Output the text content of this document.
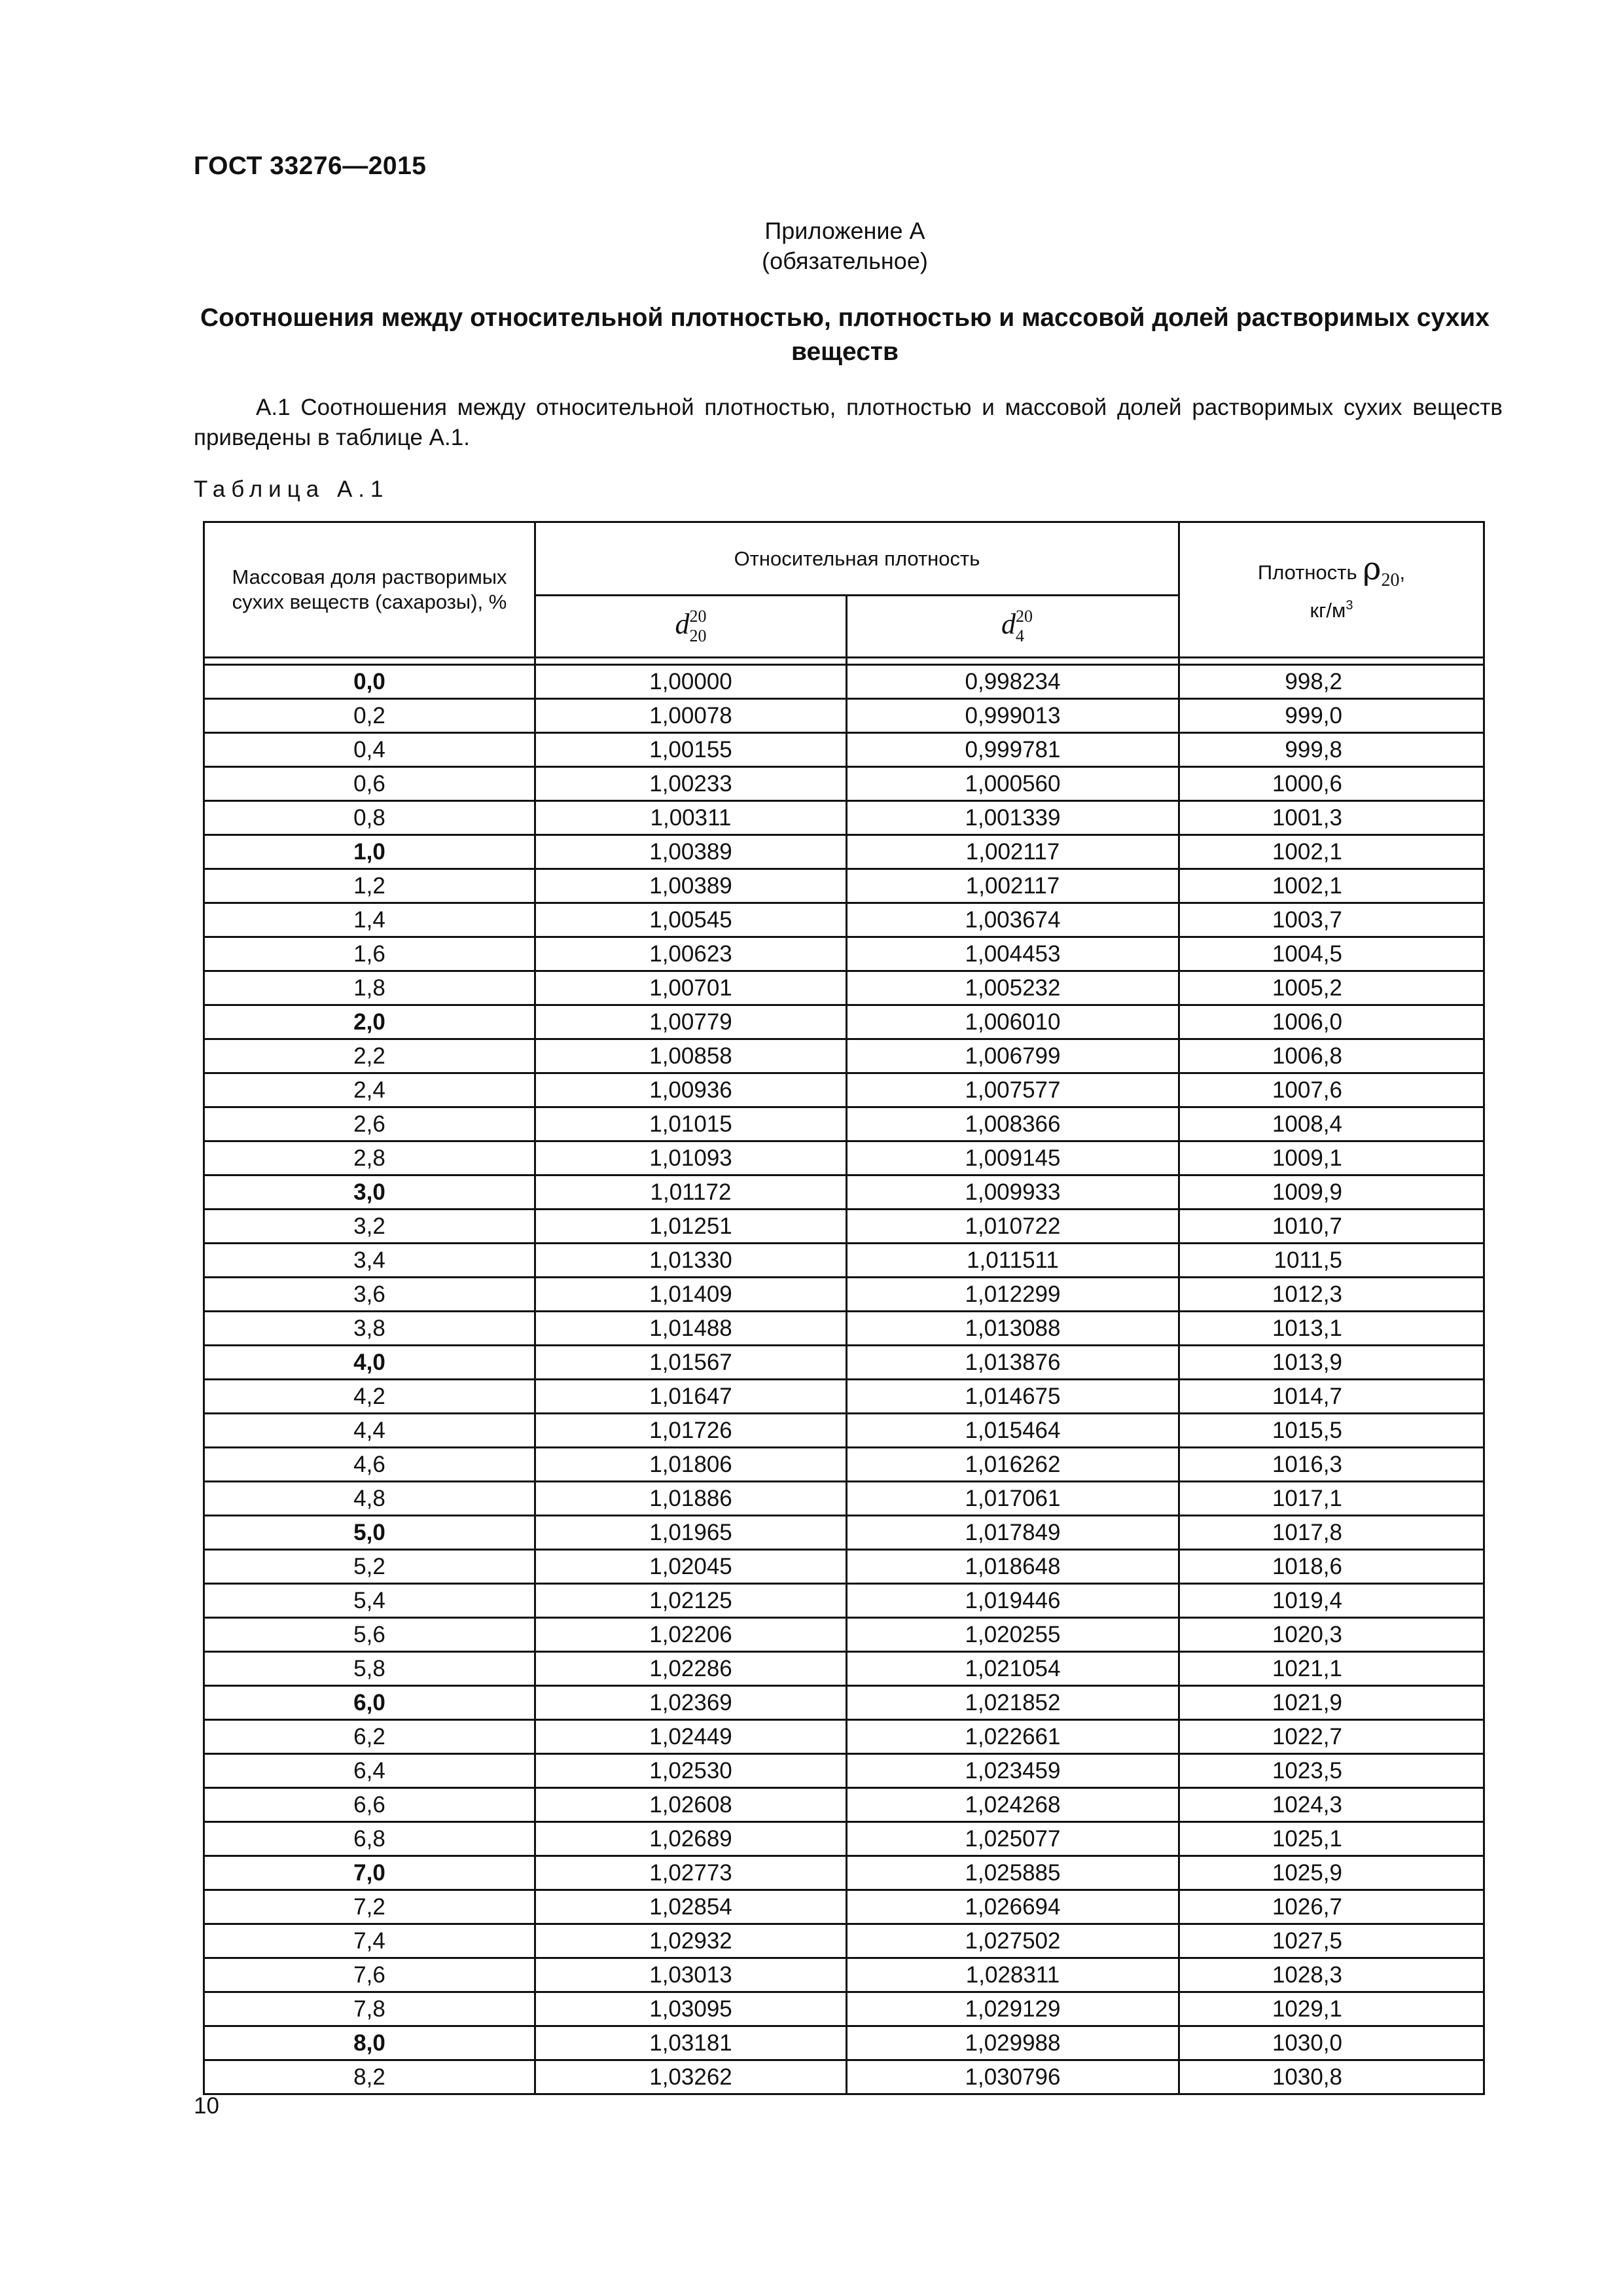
ГОСТ 33276—2015
Приложение А
(обязательное)
Соотношения между относительной плотностью, плотностью и массовой долей растворимых сухих веществ
А.1 Соотношения между относительной плотностью, плотностью и массовой долей растворимых сухих веществ приведены в таблице А.1.
Таблица А.1
Массовая доля растворимых сухих веществ (сахарозы), %	Относительная плотность		Плотность ρ20,
$кг/м^3$

	$d^{20}_{20}$	$d^{20}_4$

0,0	1,00000	0,998234	998,2
0,2	1,00078	0,999013	999,0
0,4	1,00155	0,999781	999,8
0,6	1,00233	1,000560	1000,6
0,8	1,00311	1,001339	1001,3
1,0	1,00389	1,002117	1002,1
1,2	1,00389	1,002117	1002,1
1,4	1,00545	1,003674	1003,7
1,6	1,00623	1,004453	1004,5
1,8	1,00701	1,005232	1005,2
2,0	1,00779	1,006010	1006,0
2,2	1,00858	1,006799	1006,8
2,4	1,00936	1,007577	1007,6
2,6	1,01015	1,008366	1008,4
2,8	1,01093	1,009145	1009,1
3,0	1,01172	1,009933	1009,9
3,2	1,01251	1,010722	1010,7
3,4	1,01330	1,011511	1011,5
3,6	1,01409	1,012299	1012,3
3,8	1,01488	1,013088	1013,1
4,0	1,01567	1,013876	1013,9
4,2	1,01647	1,014675	1014,7
4,4	1,01726	1,015464	1015,5
4,6	1,01806	1,016262	1016,3
4,8	1,01886	1,017061	1017,1
5,0	1,01965	1,017849	1017,8
5,2	1,02045	1,018648	1018,6
5,4	1,02125	1,019446	1019,4
5,6	1,02206	1,020255	1020,3
5,8	1,02286	1,021054	1021,1
6,0	1,02369	1,021852	1021,9
6,2	1,02449	1,022661	1022,7
6,4	1,02530	1,023459	1023,5
6,6	1,02608	1,024268	1024,3
6,8	1,02689	1,025077	1025,1
7,0	1,02773	1,025885	1025,9
7,2	1,02854	1,026694	1026,7
7,4	1,02932	1,027502	1027,5
7,6	1,03013	1,028311	1028,3
7,8	1,03095	1,029129	1029,1
8,0	1,03181	1,029988	1030,0
8,2	1,03262	1,030796	1030,8
10
